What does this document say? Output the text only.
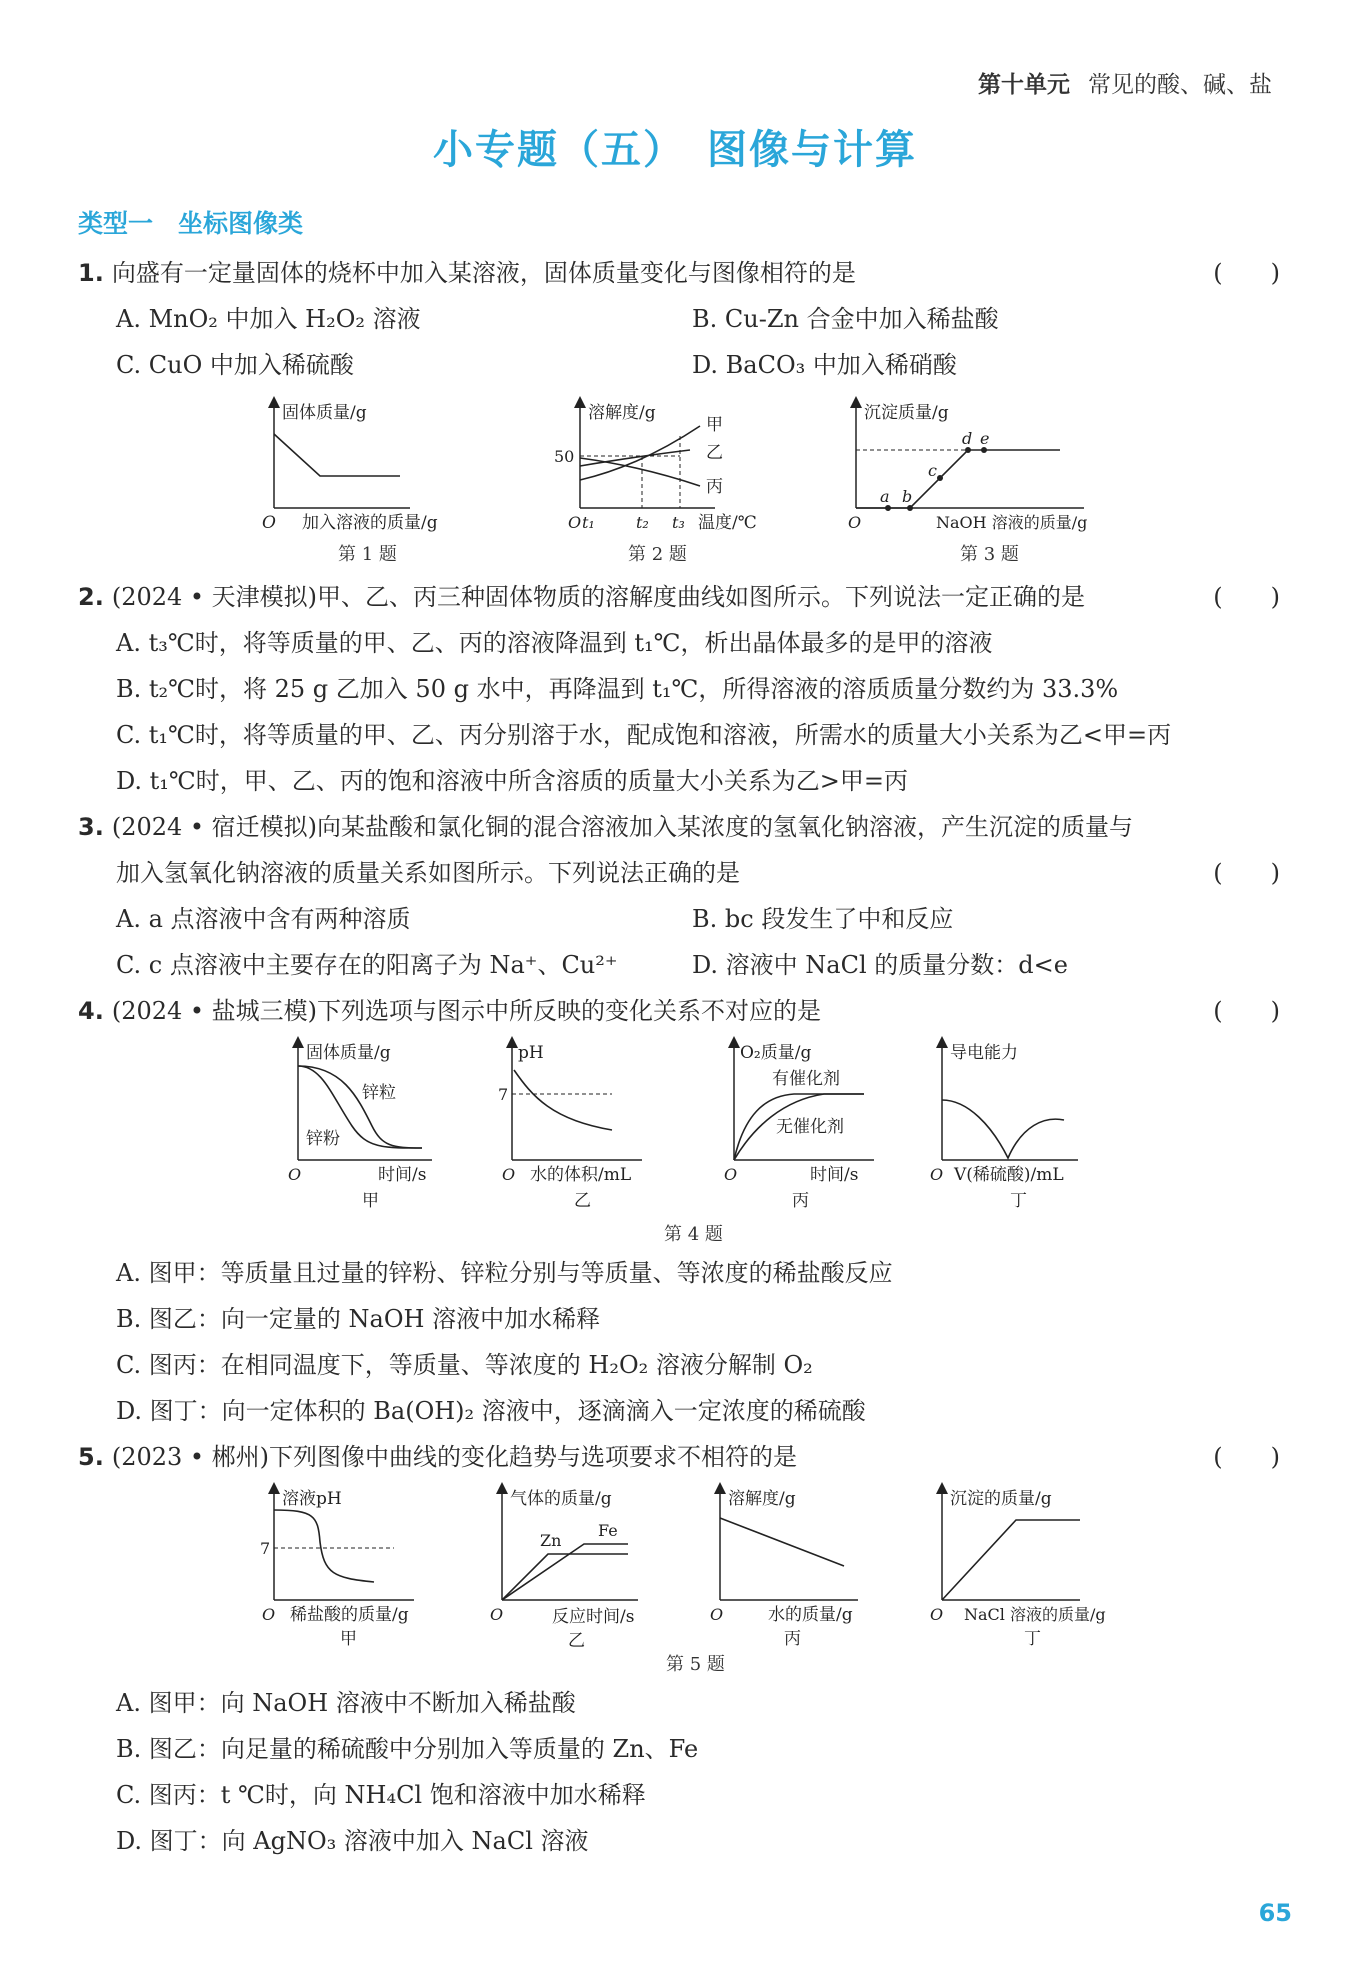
第十单元 常见的酸、碱、盐
小专题（五）　图像与计算
类型一　坐标图像类
1. 向盛有一定量固体的烧杯中加入某溶液，固体质量变化与图像相符的是	(　　)
A. MnO₂ 中加入 H₂O₂ 溶液	B. Cu-Zn 合金中加入稀盐酸
C. CuO 中加入稀硫酸	D. BaCO₃ 中加入稀硝酸
固体质量/g
O 加入溶液的质量/g
第 1 题
溶解度/g
50
甲
乙
丙
O t₁	t₂ t₃ 温度/℃
第 2 题
沉淀质量/g
a b
c
d e
O	NaOH 溶液的质量/g
第 3 题
2. (2024 • 天津模拟)甲、乙、丙三种固体物质的溶解度曲线如图所示。下列说法一定正确的是	(　　)
A. t₃℃时，将等质量的甲、乙、丙的溶液降温到 t₁℃，析出晶体最多的是甲的溶液
B. t₂℃时，将 25 g 乙加入 50 g 水中，再降温到 t₁℃，所得溶液的溶质质量分数约为 33.3%
C. t₁℃时，将等质量的甲、乙、丙分别溶于水，配成饱和溶液，所需水的质量大小关系为乙<甲=丙
D. t₁℃时，甲、乙、丙的饱和溶液中所含溶质的质量大小关系为乙>甲=丙
3. (2024 • 宿迁模拟)向某盐酸和氯化铜的混合溶液加入某浓度的氢氧化钠溶液，产生沉淀的质量与
加入氢氧化钠溶液的质量关系如图所示。下列说法正确的是	(　　)
A. a 点溶液中含有两种溶质	B. bc 段发生了中和反应
C. c 点溶液中主要存在的阳离子为 Na⁺、Cu²⁺	D. 溶液中 NaCl 的质量分数：d<e
4. (2024 • 盐城三模)下列选项与图示中所反映的变化关系不对应的是	(　　)
固体质量/g
锌粒
锌粉
O	时间/s
甲
pH
7
O 水的体积/mL
乙
O₂质量/g
有催化剂
无催化剂
O	时间/s
丙
导电能力
O V(稀硫酸)/mL
丁
第 4 题
A. 图甲：等质量且过量的锌粉、锌粒分别与等质量、等浓度的稀盐酸反应
B. 图乙：向一定量的 NaOH 溶液中加水稀释
C. 图丙：在相同温度下，等质量、等浓度的 H₂O₂ 溶液分解制 O₂
D. 图丁：向一定体积的 Ba(OH)₂ 溶液中，逐滴滴入一定浓度的稀硫酸
5. (2023 • 郴州)下列图像中曲线的变化趋势与选项要求不相符的是	(　　)
溶液pH
7
O 稀盐酸的质量/g
甲
气体的质量/g
Zn
Fe
O	反应时间/s
乙
溶解度/g
O	水的质量/g
丙
沉淀的质量/g
O NaCl 溶液的质量/g
丁
第 5 题
A. 图甲：向 NaOH 溶液中不断加入稀盐酸
B. 图乙：向足量的稀硫酸中分别加入等质量的 Zn、Fe
C. 图丙：t ℃时，向 NH₄Cl 饱和溶液中加水稀释
D. 图丁：向 AgNO₃ 溶液中加入 NaCl 溶液
65
